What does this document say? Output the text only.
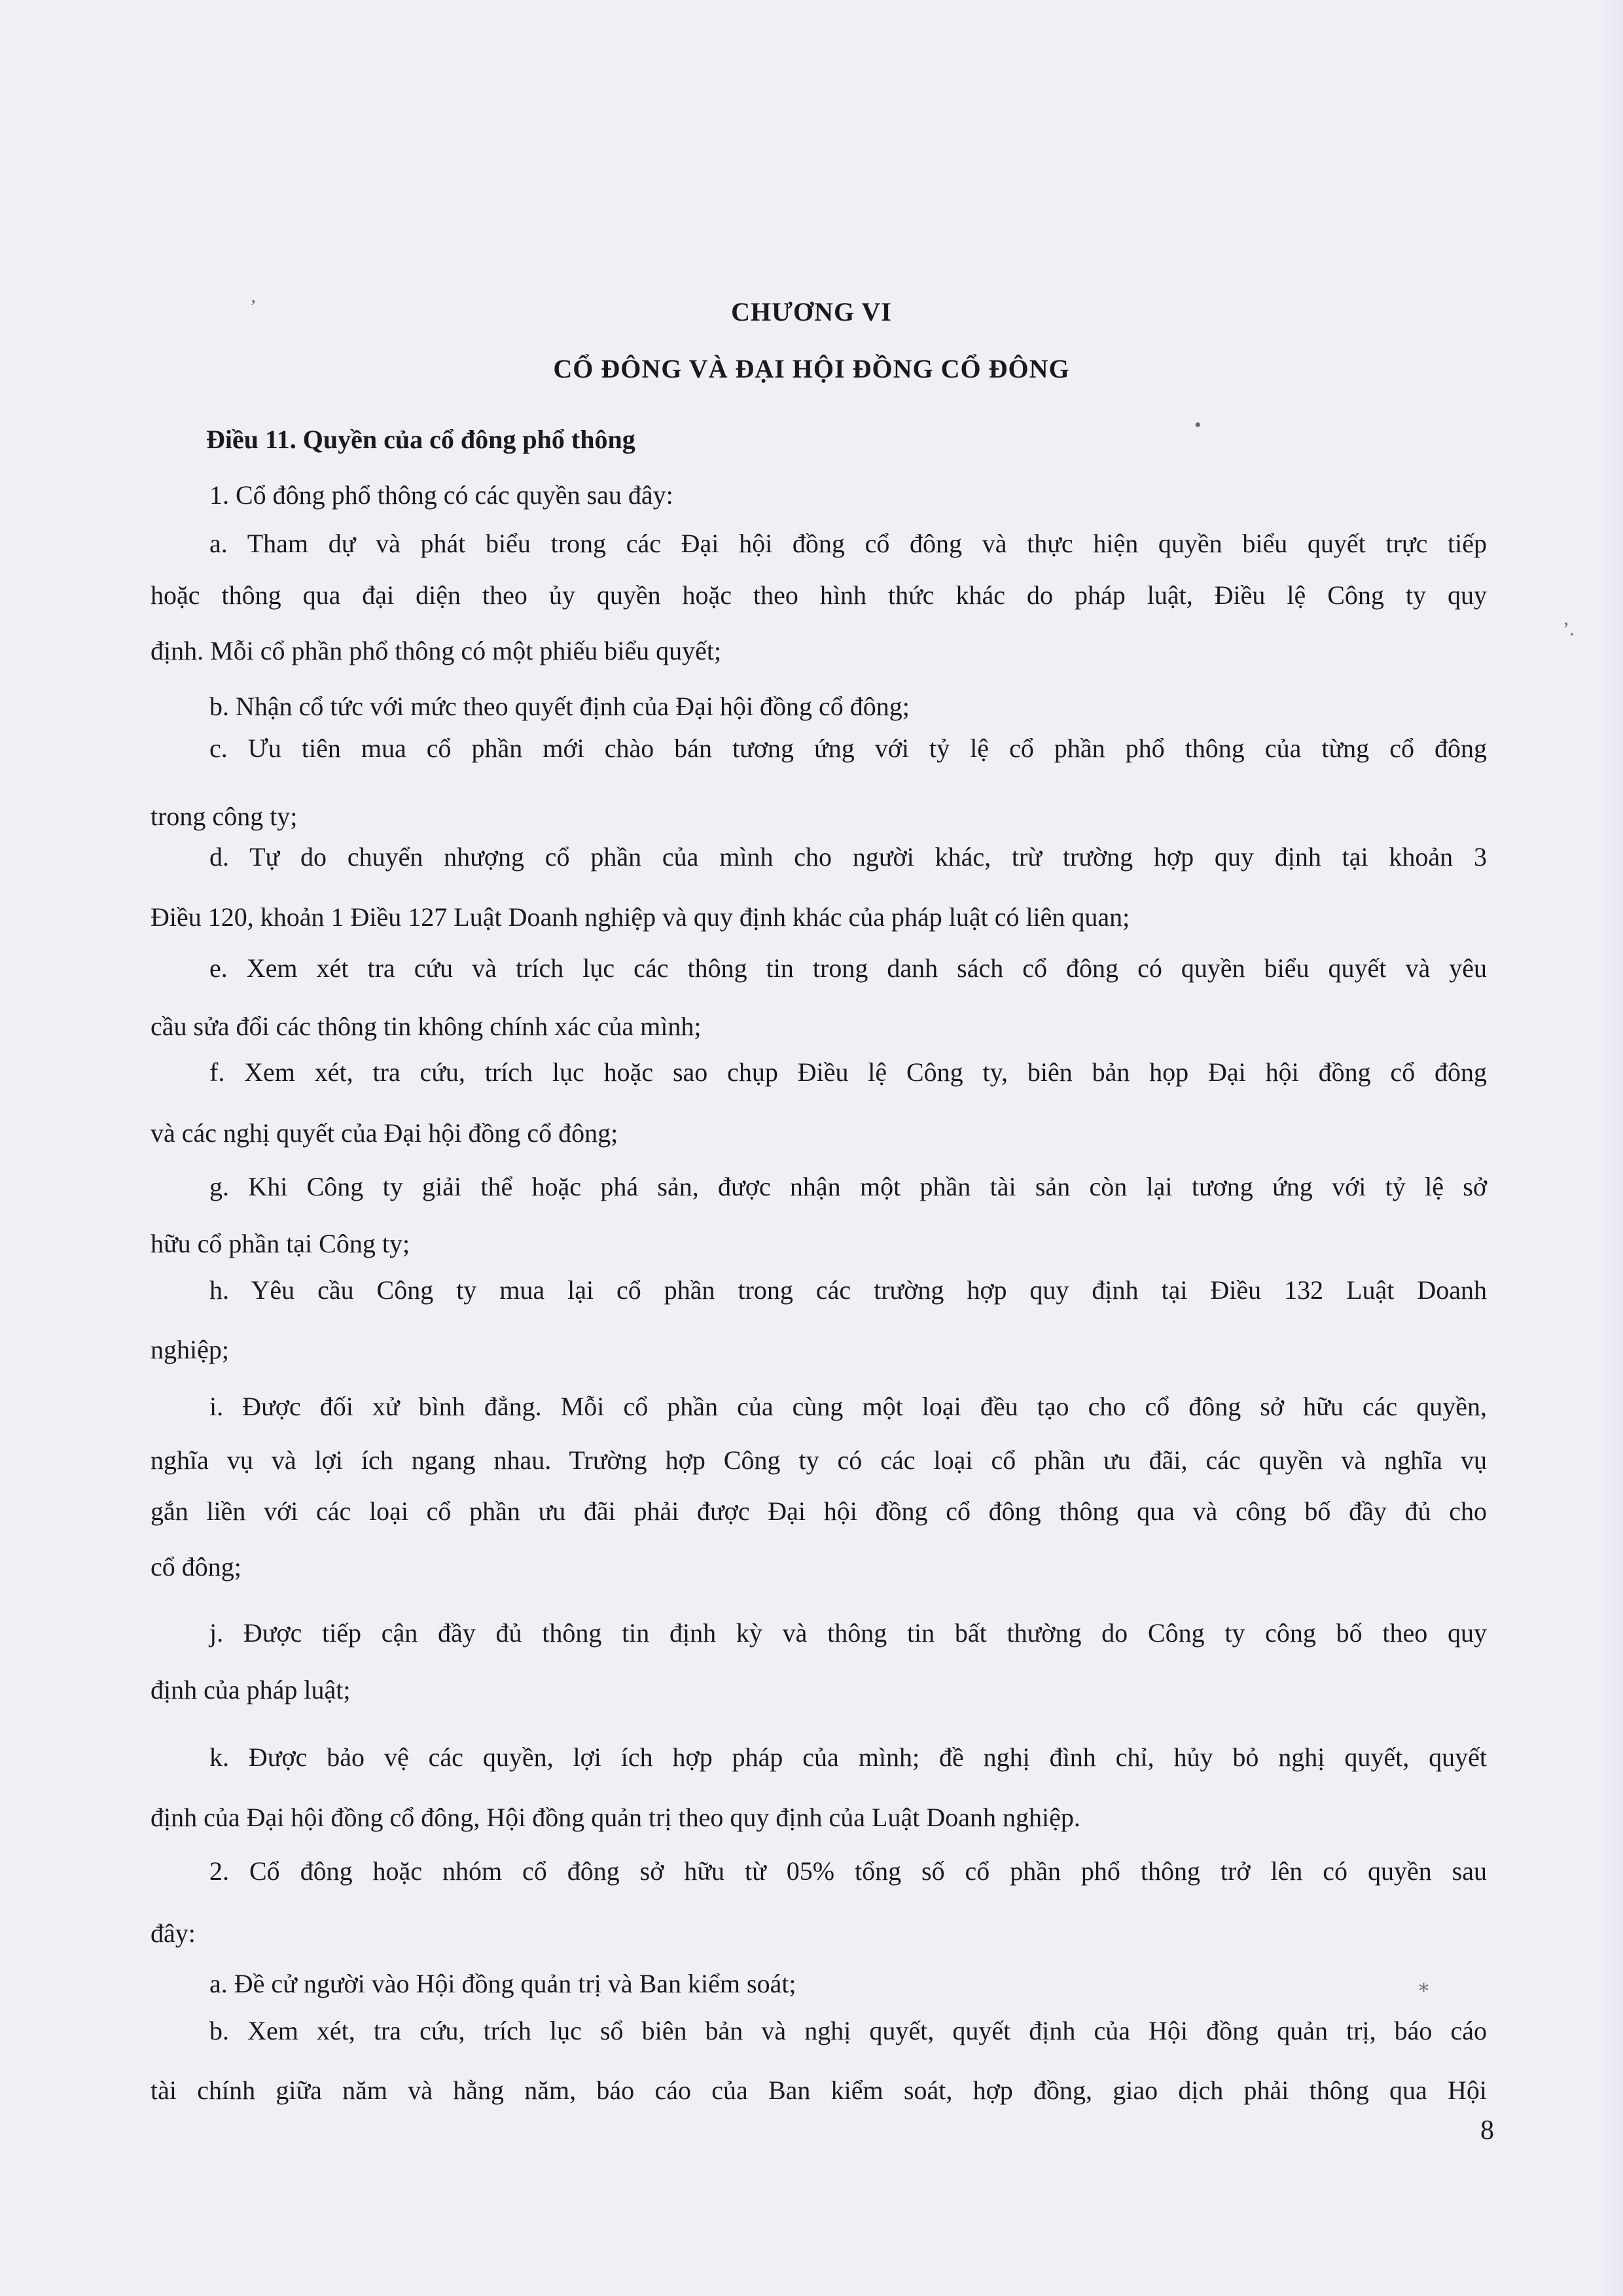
’
•
’.
⁎
CHƯƠNG VI
CỔ ĐÔNG VÀ ĐẠI HỘI ĐỒNG CỔ ĐÔNG
Điều 11. Quyền của cổ đông phổ thông
1. Cổ đông phổ thông có các quyền sau đây:
a. Tham dự và phát biểu trong các Đại hội đồng cổ đông và thực hiện quyền biểu quyết trực tiếp
hoặc thông qua đại diện theo ủy quyền hoặc theo hình thức khác do pháp luật, Điều lệ Công ty quy
định. Mỗi cổ phần phổ thông có một phiếu biểu quyết;
b. Nhận cổ tức với mức theo quyết định của Đại hội đồng cổ đông;
c. Ưu tiên mua cổ phần mới chào bán tương ứng với tỷ lệ cổ phần phổ thông của từng cổ đông
trong công ty;
d. Tự do chuyển nhượng cổ phần của mình cho người khác, trừ trường hợp quy định tại khoản 3
Điều 120, khoản 1 Điều 127 Luật Doanh nghiệp và quy định khác của pháp luật có liên quan;
e. Xem xét tra cứu và trích lục các thông tin trong danh sách cổ đông có quyền biểu quyết và yêu
cầu sửa đổi các thông tin không chính xác của mình;
f. Xem xét, tra cứu, trích lục hoặc sao chụp Điều lệ Công ty, biên bản họp Đại hội đồng cổ đông
và các nghị quyết của Đại hội đồng cổ đông;
g. Khi Công ty giải thể hoặc phá sản, được nhận một phần tài sản còn lại tương ứng với tỷ lệ sở
hữu cổ phần tại Công ty;
h. Yêu cầu Công ty mua lại cổ phần trong các trường hợp quy định tại Điều 132 Luật Doanh
nghiệp;
i. Được đối xử bình đẳng. Mỗi cổ phần của cùng một loại đều tạo cho cổ đông sở hữu các quyền,
nghĩa vụ và lợi ích ngang nhau. Trường hợp Công ty có các loại cổ phần ưu đãi, các quyền và nghĩa vụ
gắn liền với các loại cổ phần ưu đãi phải được Đại hội đồng cổ đông thông qua và công bố đầy đủ cho
cổ đông;
j. Được tiếp cận đầy đủ thông tin định kỳ và thông tin bất thường do Công ty công bố theo quy
định của pháp luật;
k. Được bảo vệ các quyền, lợi ích hợp pháp của mình; đề nghị đình chỉ, hủy bỏ nghị quyết, quyết
định của Đại hội đồng cổ đông, Hội đồng quản trị theo quy định của Luật Doanh nghiệp.
2. Cổ đông hoặc nhóm cổ đông sở hữu từ 05% tổng số cổ phần phổ thông trở lên có quyền sau
đây:
a. Đề cử người vào Hội đồng quản trị và Ban kiểm soát;
b. Xem xét, tra cứu, trích lục sổ biên bản và nghị quyết, quyết định của Hội đồng quản trị, báo cáo
tài chính giữa năm và hằng năm, báo cáo của Ban kiểm soát, hợp đồng, giao dịch phải thông qua Hội
8
